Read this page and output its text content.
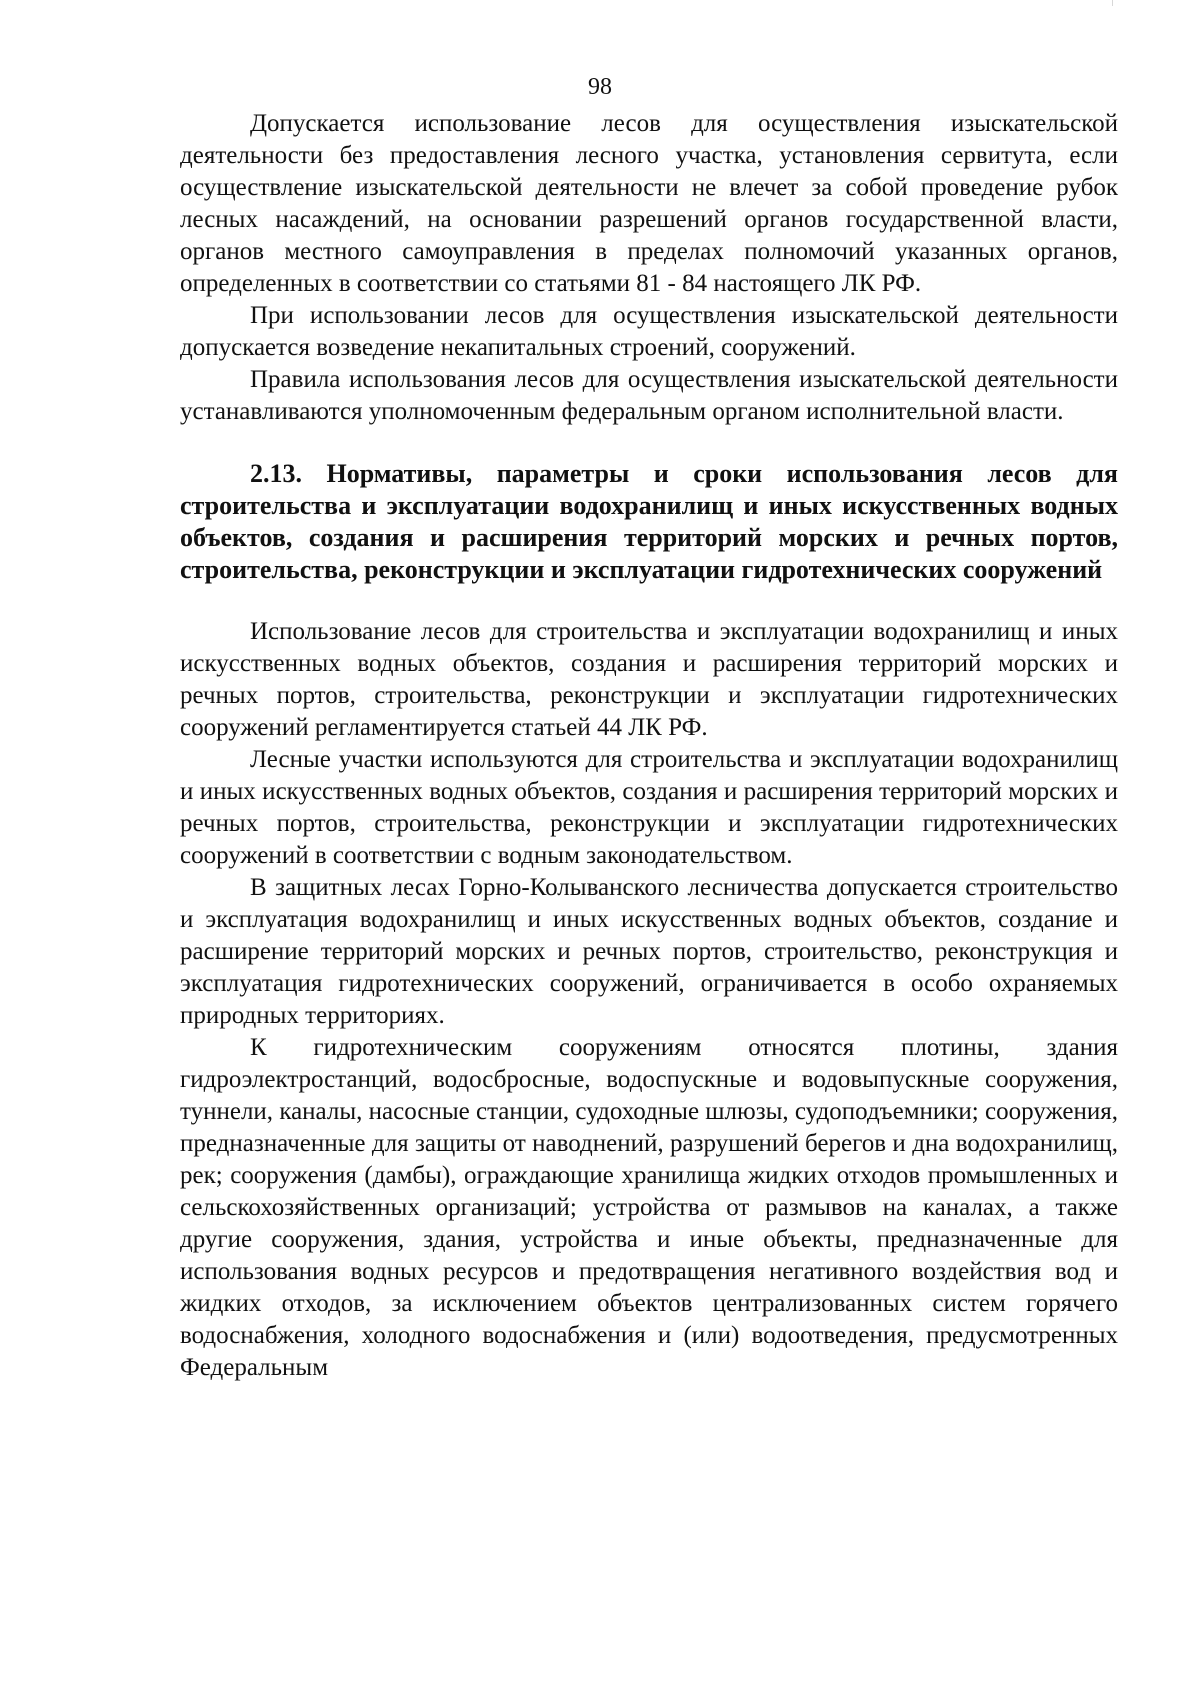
98

Допускается использование лесов для осуществления изыскательской деятельности без предоставления лесного участка, установления сервитута, если осуществление изыскательской деятельности не влечет за собой проведение рубок лесных насаждений, на основании разрешений органов государственной власти, органов местного самоуправления в пределах полномочий указанных органов, определенных в соответствии со статьями 81 - 84 настоящего ЛК РФ.

При использовании лесов для осуществления изыскательской деятельности допускается возведение некапитальных строений, сооружений.

Правила использования лесов для осуществления изыскательской деятельности устанавливаются уполномоченным федеральным органом исполнительной власти.

2.13. Нормативы, параметры и сроки использования лесов для строительства и эксплуатации водохранилищ и иных искусственных водных объектов, создания и расширения территорий морских и речных портов, строительства, реконструкции и эксплуатации гидротехнических сооружений

Использование лесов для строительства и эксплуатации водохранилищ и иных искусственных водных объектов, создания и расширения территорий морских и речных портов, строительства, реконструкции и эксплуатации гидротехнических сооружений регламентируется статьей 44 ЛК РФ.

Лесные участки используются для строительства и эксплуатации водохранилищ и иных искусственных водных объектов, создания и расширения территорий морских и речных портов, строительства, реконструкции и эксплуатации гидротехнических сооружений в соответствии с водным законодательством.

В защитных лесах Горно-Колыванского лесничества допускается строительство и эксплуатация водохранилищ и иных искусственных водных объектов, создание и расширение территорий морских и речных портов, строительство, реконструкция и эксплуатация гидротехнических сооружений, ограничивается в особо охраняемых природных территориях.

К гидротехническим сооружениям относятся плотины, здания гидроэлектростанций, водосбросные, водоспускные и водовыпускные сооружения, туннели, каналы, насосные станции, судоходные шлюзы, судоподъемники; сооружения, предназначенные для защиты от наводнений, разрушений берегов и дна водохранилищ, рек; сооружения (дамбы), ограждающие хранилища жидких отходов промышленных и сельскохозяйственных организаций; устройства от размывов на каналах, а также другие сооружения, здания, устройства и иные объекты, предназначенные для использования водных ресурсов и предотвращения негативного воздействия вод и жидких отходов, за исключением объектов централизованных систем горячего водоснабжения, холодного водоснабжения и (или) водоотведения, предусмотренных Федеральным
